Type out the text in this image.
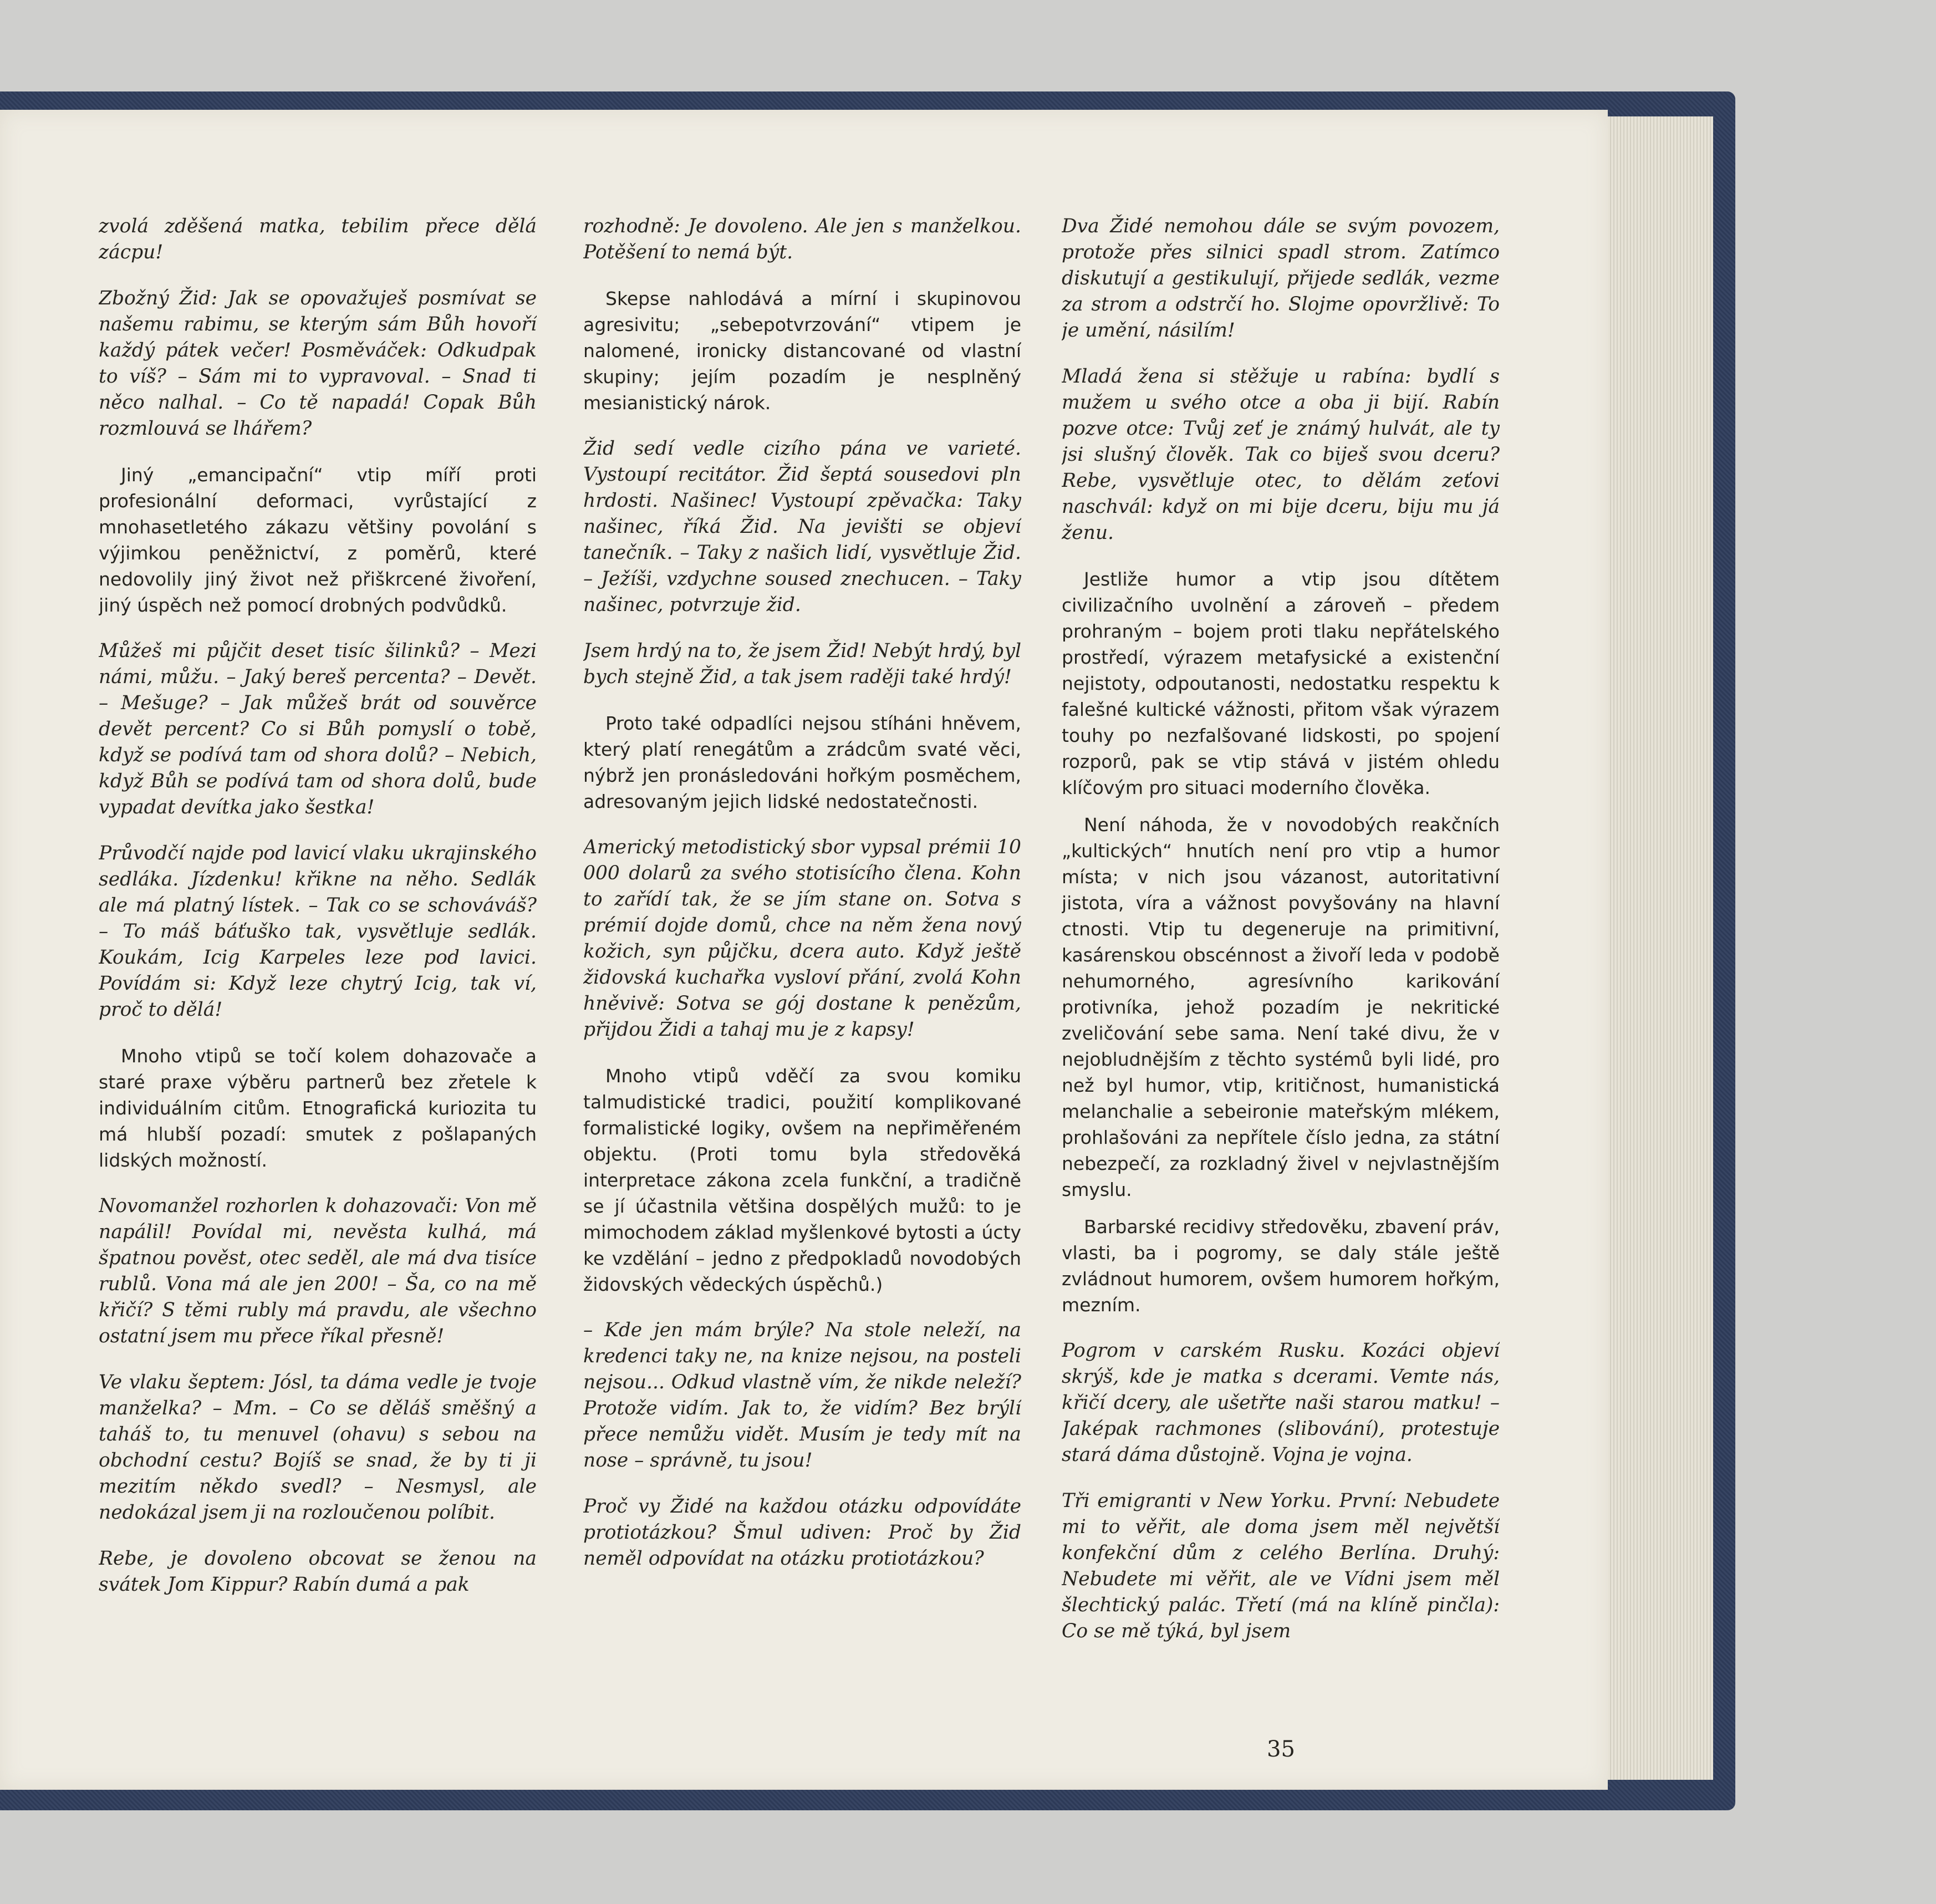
zvolá zděšená matka, tebilim přece dělá zácpu!

Zbožný Žid: Jak se opovažuješ posmívat se našemu rabimu, se kterým sám Bůh hovoří každý pátek večer! Posměváček: Odkudpak to víš? – Sám mi to vypravoval. – Snad ti něco nalhal. – Co tě napadá! Copak Bůh rozmlouvá se lhářem?

Jiný „emancipační“ vtip míří proti profesionální deformaci, vyrůstající z mnohasetletého zákazu většiny povolání s výjimkou peněžnictví, z poměrů, které nedovolily jiný život než přiškrcené živoření, jiný úspěch než pomocí drobných podvůdků.

Můžeš mi půjčit deset tisíc šilinků? – Mezi námi, můžu. – Jaký bereš percenta? – Devět. – Mešuge? – Jak můžeš brát od souvěrce devět percent? Co si Bůh pomyslí o tobě, když se podívá tam od shora dolů? – Nebich, když Bůh se podívá tam od shora dolů, bude vypadat devítka jako šestka!

Průvodčí najde pod lavicí vlaku ukrajinského sedláka. Jízdenku! křikne na něho. Sedlák ale má platný lístek. – Tak co se schováváš? – To máš báťuško tak, vysvětluje sedlák. Koukám, Icig Karpeles leze pod lavici. Povídám si: Když leze chytrý Icig, tak ví, proč to dělá!

Mnoho vtipů se točí kolem dohazovače a staré praxe výběru partnerů bez zřetele k individuálním citům. Etnografická kuriozita tu má hlubší pozadí: smutek z pošlapaných lidských možností.

Novomanžel rozhorlen k dohazovači: Von mě napálil! Povídal mi, nevěsta kulhá, má špatnou pověst, otec seděl, ale má dva tisíce rublů. Vona má ale jen 200! – Ša, co na mě křičí? S těmi rubly má pravdu, ale všechno ostatní jsem mu přece říkal přesně!

Ve vlaku šeptem: Jósl, ta dáma vedle je tvoje manželka? – Mm. – Co se děláš směšný a taháš to, tu menuvel (ohavu) s sebou na obchodní cestu? Bojíš se snad, že by ti ji mezitím někdo svedl? – Nesmysl, ale nedokázal jsem ji na rozloučenou políbit.

Rebe, je dovoleno obcovat se ženou na svátek Jom Kippur? Rabín dumá a pak

rozhodně: Je dovoleno. Ale jen s manželkou. Potěšení to nemá být.

Skepse nahlodává a mírní i skupinovou agresivitu; „sebepotvrzování“ vtipem je nalomené, ironicky distancované od vlastní skupiny; jejím pozadím je nesplněný mesianistický nárok.

Žid sedí vedle cizího pána ve varieté. Vystoupí recitátor. Žid šeptá sousedovi pln hrdosti. Našinec! Vystoupí zpěvačka: Taky našinec, říká Žid. Na jevišti se objeví tanečník. – Taky z našich lidí, vysvětluje Žid. – Ježíši, vzdychne soused znechucen. – Taky našinec, potvrzuje žid.

Jsem hrdý na to, že jsem Žid! Nebýt hrdý, byl bych stejně Žid, a tak jsem raději také hrdý!

Proto také odpadlíci nejsou stíháni hněvem, který platí renegátům a zrádcům svaté věci, nýbrž jen pronásledováni hořkým posměchem, adresovaným jejich lidské nedostatečnosti.

Americký metodistický sbor vypsal prémii 10 000 dolarů za svého stotisícího člena. Kohn to zařídí tak, že se jím stane on. Sotva s prémií dojde domů, chce na něm žena nový kožich, syn půjčku, dcera auto. Když ještě židovská kuchařka vysloví přání, zvolá Kohn hněvivě: Sotva se gój dostane k penězům, přijdou Židi a tahaj mu je z kapsy!

Mnoho vtipů vděčí za svou komiku talmudistické tradici, použití komplikované formalistické logiky, ovšem na nepřiměřeném objektu. (Proti tomu byla středověká interpretace zákona zcela funkční, a tradičně se jí účastnila většina dospělých mužů: to je mimochodem základ myšlenkové bytosti a úcty ke vzdělání – jedno z předpokladů novodobých židovských vědeckých úspěchů.)

– Kde jen mám brýle? Na stole neleží, na kredenci taky ne, na knize nejsou, na posteli nejsou... Odkud vlastně vím, že nikde neleží? Protože vidím. Jak to, že vidím? Bez brýlí přece nemůžu vidět. Musím je tedy mít na nose – správně, tu jsou!

Proč vy Židé na každou otázku odpovídáte protiotázkou? Šmul udiven: Proč by Žid neměl odpovídat na otázku protiotázkou?

Dva Židé nemohou dále se svým povozem, protože přes silnici spadl strom. Zatímco diskutují a gestikulují, přijede sedlák, vezme za strom a odstrčí ho. Slojme opovržlivě: To je umění, násilím!

Mladá žena si stěžuje u rabína: bydlí s mužem u svého otce a oba ji bijí. Rabín pozve otce: Tvůj zeť je známý hulvát, ale ty jsi slušný člověk. Tak co biješ svou dceru? Rebe, vysvětluje otec, to dělám zeťovi naschvál: když on mi bije dceru, biju mu já ženu.

Jestliže humor a vtip jsou dítětem civilizačního uvolnění a zároveň – předem prohraným – bojem proti tlaku nepřátelského prostředí, výrazem metafysické a existenční nejistoty, odpoutanosti, nedostatku respektu k falešné kultické vážnosti, přitom však výrazem touhy po nezfalšované lidskosti, po spojení rozporů, pak se vtip stává v jistém ohledu klíčovým pro situaci moderního člověka.

Není náhoda, že v novodobých reakčních „kultických“ hnutích není pro vtip a humor místa; v nich jsou vázanost, autoritativní jistota, víra a vážnost povyšovány na hlavní ctnosti. Vtip tu degeneruje na primitivní, kasárenskou obscénnost a živoří leda v podobě nehumorného, agresívního karikování protivníka, jehož pozadím je nekritické zveličování sebe sama. Není také divu, že v nejobludnějším z těchto systémů byli lidé, pro než byl humor, vtip, kritičnost, humanistická melanchalie a sebeironie mateřským mlékem, prohlašováni za nepřítele číslo jedna, za státní nebezpečí, za rozkladný živel v nejvlastnějším smyslu.

Barbarské recidivy středověku, zbavení práv, vlasti, ba i pogromy, se daly stále ještě zvládnout humorem, ovšem humorem hořkým, mezním.

Pogrom v carském Rusku. Kozáci objeví skrýš, kde je matka s dcerami. Vemte nás, křičí dcery, ale ušetřte naši starou matku! – Jaképak rachmones (slibování), protestuje stará dáma důstojně. Vojna je vojna.

Tři emigranti v New Yorku. První: Nebudete mi to věřit, ale doma jsem měl největší konfekční dům z celého Berlína. Druhý: Nebudete mi věřit, ale ve Vídni jsem měl šlechtický palác. Třetí (má na klíně pinčla): Co se mě týká, byl jsem

35
